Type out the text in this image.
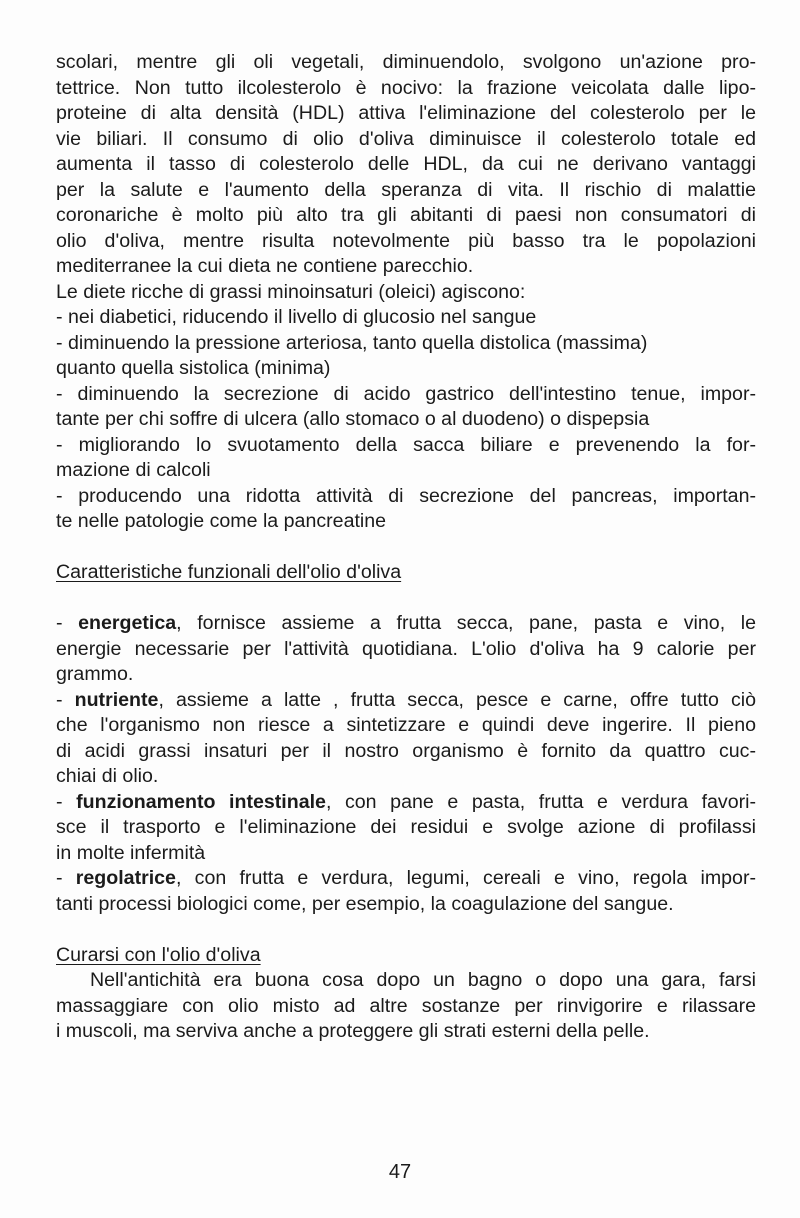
scolari, mentre gli oli vegetali, diminuendolo, svolgono un'azione pro-
tettrice. Non tutto ilcolesterolo è nocivo: la frazione veicolata dalle lipo-
proteine di alta densità (HDL) attiva l'eliminazione del colesterolo per le
vie biliari. Il consumo di olio d'oliva diminuisce il colesterolo totale ed
aumenta il tasso di colesterolo delle HDL, da cui ne derivano vantaggi
per la salute e l'aumento della speranza di vita. Il rischio di malattie
coronariche è molto più alto tra gli abitanti di paesi non consumatori di
olio d'oliva, mentre risulta notevolmente più basso tra le popolazioni
mediterranee la cui dieta ne contiene parecchio.
Le diete ricche di grassi minoinsaturi (oleici) agiscono:
- nei diabetici, riducendo il livello di glucosio nel sangue
- diminuendo la pressione arteriosa, tanto quella distolica (massima)
quanto quella sistolica (minima)
- diminuendo la secrezione di acido gastrico dell'intestino tenue, impor-
tante per chi soffre di ulcera (allo stomaco o al duodeno) o dispepsia
- migliorando lo svuotamento della sacca biliare e prevenendo la for-
mazione di calcoli
- producendo una ridotta attività di secrezione del pancreas, importan-
te nelle patologie come la pancreatine
Caratteristiche funzionali dell'olio d'oliva
- energetica, fornisce assieme a frutta secca, pane, pasta e vino, le
energie necessarie per l'attività quotidiana. L'olio d'oliva ha 9 calorie per
grammo.
- nutriente, assieme a latte , frutta secca, pesce e carne, offre tutto ciò
che l'organismo non riesce a sintetizzare e quindi deve ingerire. Il pieno
di acidi grassi insaturi per il nostro organismo è fornito da quattro cuc-
chiai di olio.
- funzionamento intestinale, con pane e pasta, frutta e verdura favori-
sce il trasporto e l'eliminazione dei residui e svolge azione di profilassi
in molte infermità
- regolatrice, con frutta e verdura, legumi, cereali e vino, regola impor-
tanti processi biologici come, per esempio, la coagulazione del sangue.
Curarsi con l'olio d'oliva
Nell'antichità era buona cosa dopo un bagno o dopo una gara, farsi
massaggiare con olio misto ad altre sostanze per rinvigorire e rilassare
i muscoli, ma serviva anche a proteggere gli strati esterni della pelle.
47
